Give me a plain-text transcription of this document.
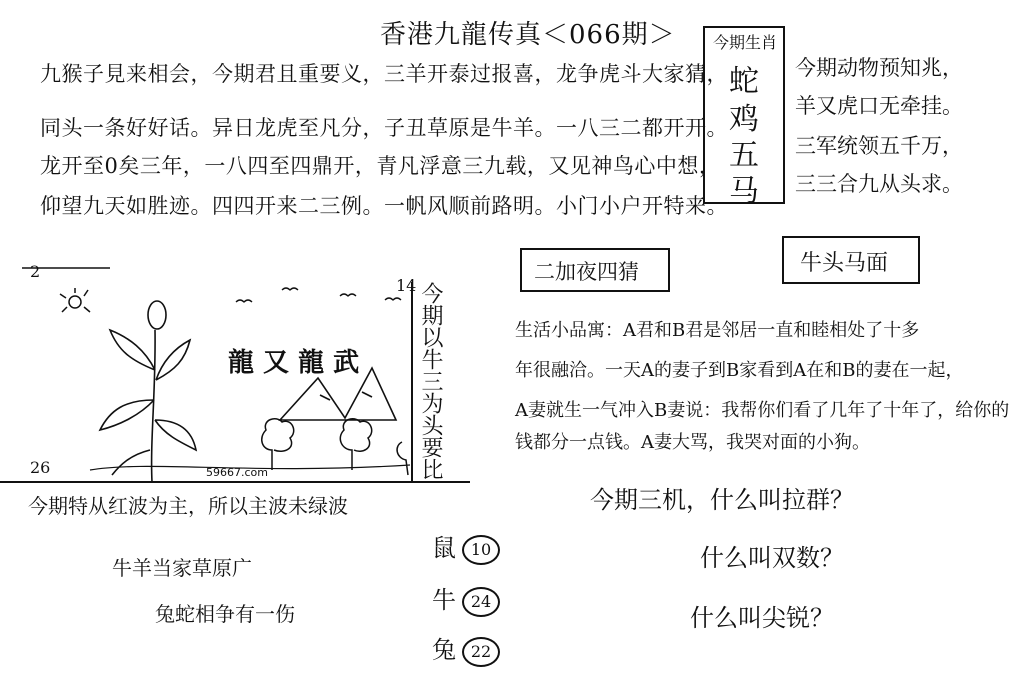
香港九龍传真＜066期＞
九猴子見来相会，今期君且重要义，三羊开泰过报喜，龙争虎斗大家猜，
同头一条好好话。异日龙虎至凡分，子丑草原是牛羊。一八三二都开开。
龙开至0矣三年，一八四至四鼎开，青凡浮意三九载，又见神鸟心中想，
仰望九天如胜迹。四四开来二三例。一帆风顺前路明。小门小户开特来。
今期生肖
蛇
鸡
五
马
今期动物预知兆，
羊又虎口无牵挂。
三军统领五千万，
三三合九从头求。
二加夜四猜	牛头马面
2
14
26
龍 又 龍 武
59667.com	今期以牛三为头要比	生活小品寓：A君和B君是邻居一直和睦相处了十多
年很融洽。一天A的妻子到B家看到A在和B的妻在一起，
A妻就生一气冲入B妻说：我帮你们看了几年了十年了，给你的
钱都分一点钱。A妻大骂，我哭对面的小狗。
今期特从红波为主，所以主波未绿波
牛羊当家草原广
兔蛇相争有一伤
鼠 10
牛 24
兔 22
今期三机，什么叫拉群？
什么叫双数？
什么叫尖锐？
